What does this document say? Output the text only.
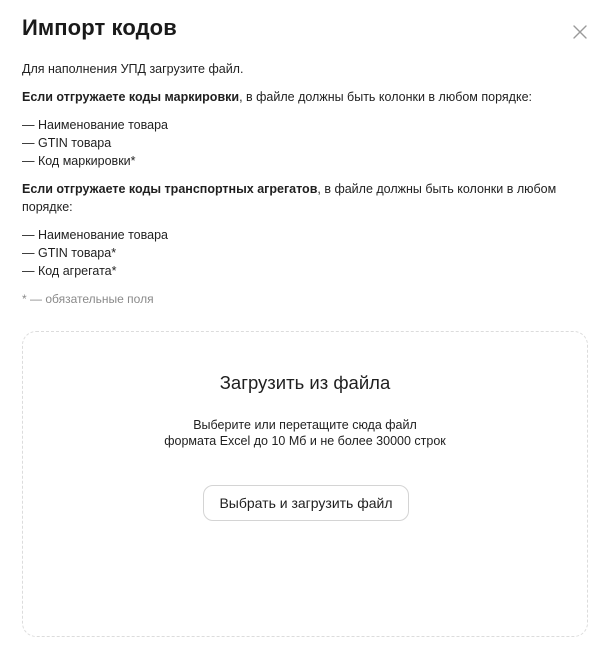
Импорт кодов

Для наполнения УПД загрузите файл.

Если отгружаете коды маркировки, в файле должны быть колонки в любом порядке:

— Наименование товара
— GTIN товара
— Код маркировки*

Если отгружаете коды транспортных агрегатов, в файле должны быть колонки в любом порядке:

— Наименование товара
— GTIN товара*
— Код агрегата*

* — обязательные поля

Загрузить из файла
Выберите или перетащите сюда файл
формата Excel до 10 Мб и не более 30000 строк
Выбрать и загрузить файл
